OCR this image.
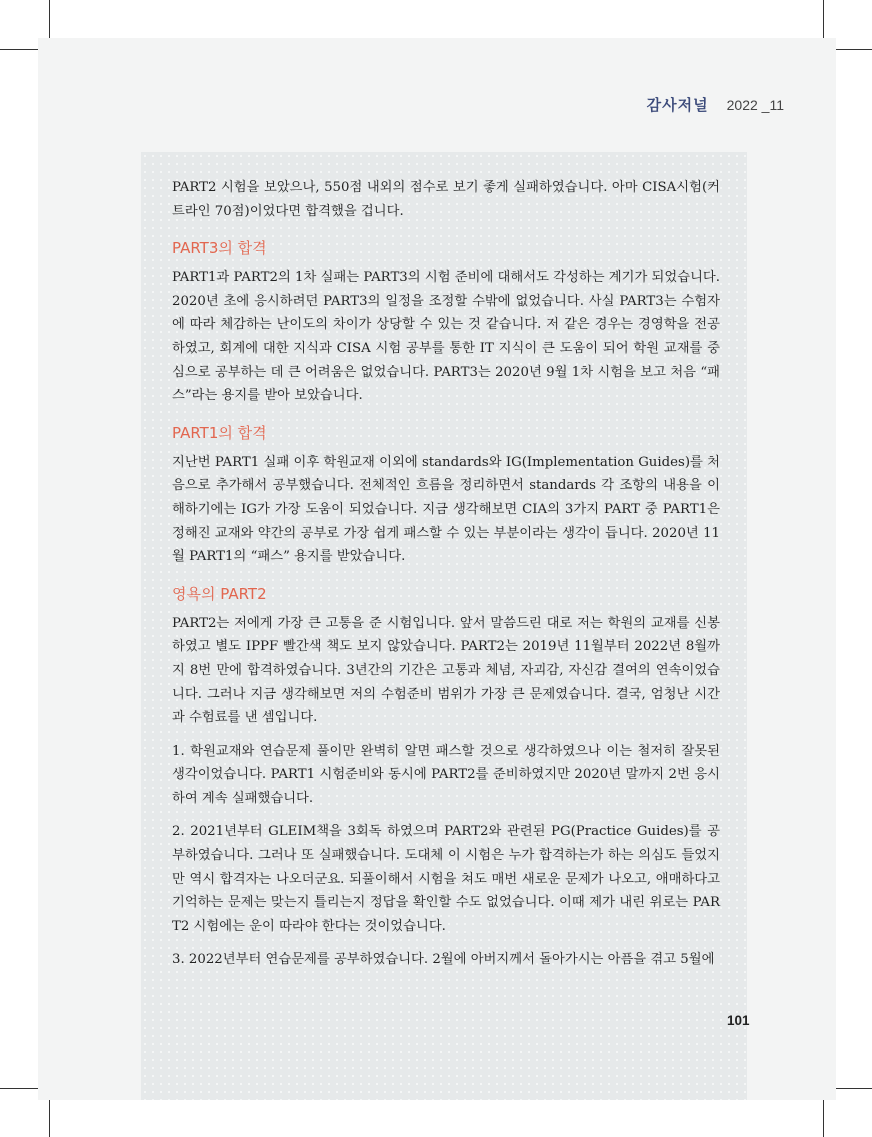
감사저널 2022 _11

PART2 시험을 보았으나, 550점 내외의 점수로 보기 좋게 실패하였습니다. 아마 CISA시험(커트라인 70점)이었다면 합격했을 겁니다.

PART3의 합격

PART1과 PART2의 1차 실패는 PART3의 시험 준비에 대해서도 각성하는 계기가 되었습니다. 2020년 초에 응시하려던 PART3의 일정을 조정할 수밖에 없었습니다. 사실 PART3는 수험자에 따라 체감하는 난이도의 차이가 상당할 수 있는 것 같습니다. 저 같은 경우는 경영학을 전공하였고, 회계에 대한 지식과 CISA 시험 공부를 통한 IT 지식이 큰 도움이 되어 학원 교재를 중심으로 공부하는 데 큰 어려움은 없었습니다. PART3는 2020년 9월 1차 시험을 보고 처음 “패스”라는 용지를 받아 보았습니다.

PART1의 합격

지난번 PART1 실패 이후 학원교재 이외에 standards와 IG(Implementation Guides)를 처음으로 추가해서 공부했습니다. 전체적인 흐름을 정리하면서 standards 각 조항의 내용을 이해하기에는 IG가 가장 도움이 되었습니다. 지금 생각해보면 CIA의 3가지 PART 중 PART1은 정해진 교재와 약간의 공부로 가장 쉽게 패스할 수 있는 부분이라는 생각이 듭니다. 2020년 11월 PART1의 “패스” 용지를 받았습니다.

영욕의 PART2

PART2는 저에게 가장 큰 고통을 준 시험입니다. 앞서 말씀드린 대로 저는 학원의 교재를 신봉하였고 별도 IPPF 빨간색 책도 보지 않았습니다. PART2는 2019년 11월부터 2022년 8월까지 8번 만에 합격하였습니다. 3년간의 기간은 고통과 체념, 자괴감, 자신감 결여의 연속이었습니다. 그러나 지금 생각해보면 저의 수험준비 범위가 가장 큰 문제였습니다. 결국, 엄청난 시간과 수험료를 낸 셈입니다.

1. 학원교재와 연습문제 풀이만 완벽히 알면 패스할 것으로 생각하였으나 이는 철저히 잘못된 생각이었습니다. PART1 시험준비와 동시에 PART2를 준비하였지만 2020년 말까지 2번 응시하여 계속 실패했습니다.

2. 2021년부터 GLEIM책을 3회독 하였으며 PART2와 관련된 PG(Practice Guides)를 공부하였습니다. 그러나 또 실패했습니다. 도대체 이 시험은 누가 합격하는가 하는 의심도 들었지만 역시 합격자는 나오더군요. 되풀이해서 시험을 쳐도 매번 새로운 문제가 나오고, 애매하다고 기억하는 문제는 맞는지 틀리는지 정답을 확인할 수도 없었습니다. 이때 제가 내린 위로는 PART2 시험에는 운이 따라야 한다는 것이었습니다.

3. 2022년부터 연습문제를 공부하였습니다. 2월에 아버지께서 돌아가시는 아픔을 겪고 5월에

101
